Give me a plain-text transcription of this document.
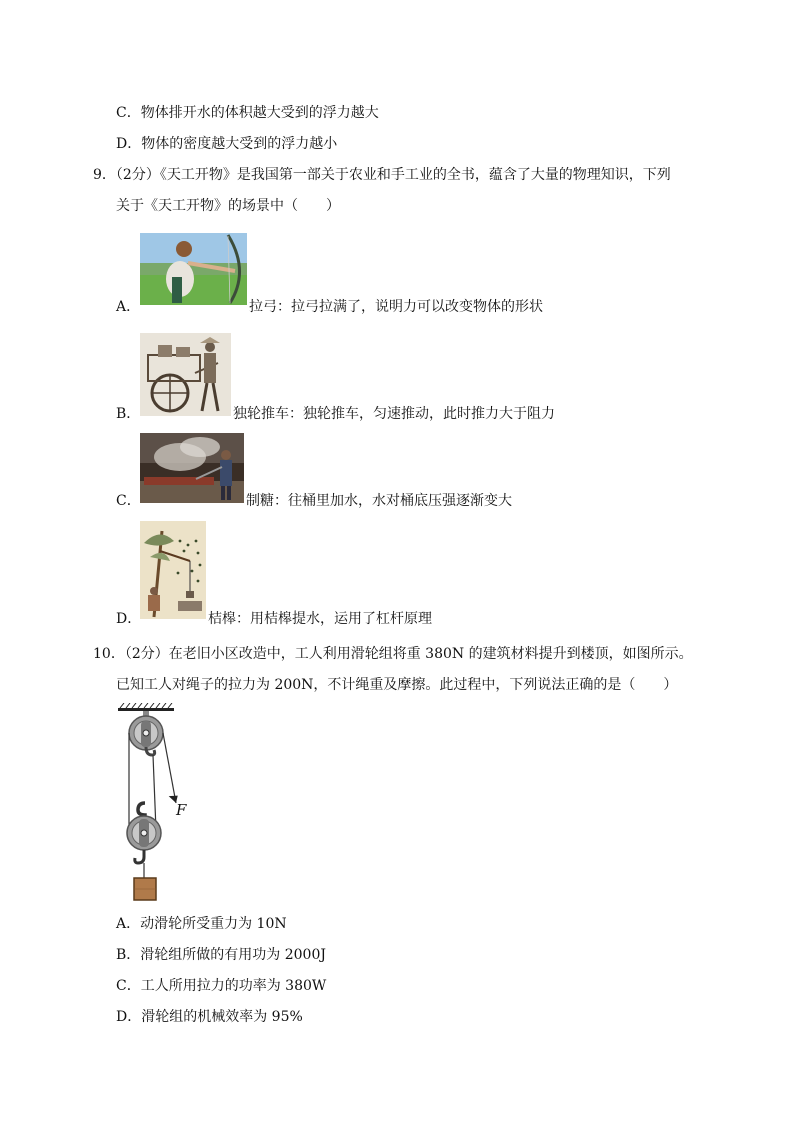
C．物体排开水的体积越大受到的浮力越大
D．物体的密度越大受到的浮力越小
9．（2分）《天工开物》是我国第一部关于农业和手工业的全书，蕴含了大量的物理知识，下列
关于《天工开物》的场景中（　　）
A．	拉弓：拉弓拉满了，说明力可以改变物体的形状
B．	独轮推车：独轮推车，匀速推动，此时推力大于阻力
C．	制糖：往桶里加水，水对桶底压强逐渐变大
D．	桔槔：用桔槔提水，运用了杠杆原理
10．（2分）在老旧小区改造中，工人利用滑轮组将重 380N 的建筑材料提升到楼顶，如图所示。
已知工人对绳子的拉力为 200N，不计绳重及摩擦。此过程中，下列说法正确的是（　　）
F
A．动滑轮所受重力为 10N
B．滑轮组所做的有用功为 2000J
C．工人所用拉力的功率为 380W
D．滑轮组的机械效率为 95%
